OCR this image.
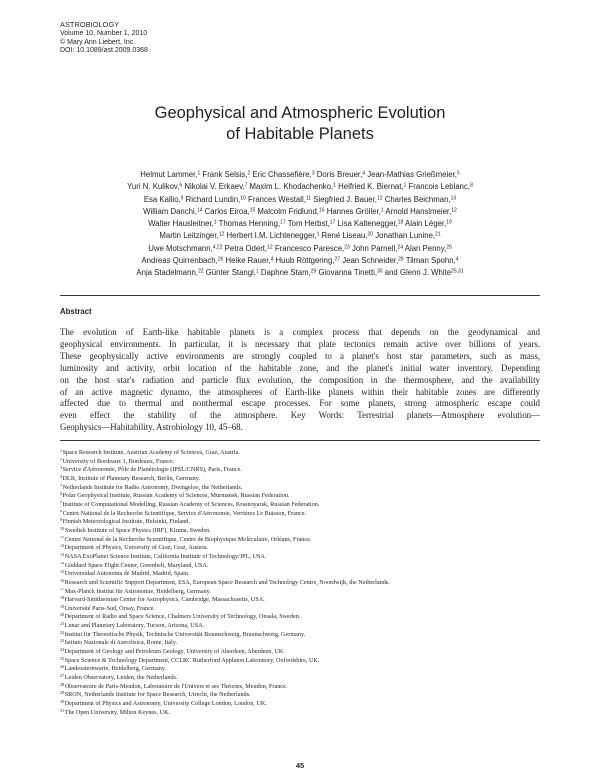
ASTROBIOLOGY
Volume 10, Number 1, 2010
© Mary Ann Liebert, Inc.
DOI: 10.1089/ast.2009.0368
Geophysical and Atmospheric Evolution
of Habitable Planets
Helmut Lammer,$^1$ Frank Selsis,$^2$ Eric Chassefière,$^3$ Doris Breuer,$^4$ Jean-Mathias Grießmeier,$^5$
Yuri N. Kulikov,$^6$ Nikolai V. Erkaev,$^7$ Maxim L. Khodachenko,$^1$ Helfried K. Biernat,$^1$ Francois Leblanc,$^8$
Esa Kallio,$^9$ Richard Lundin,$^{10}$ Frances Westall,$^{11}$ Siegfried J. Bauer,$^{12}$ Charles Beichman,$^{13}$
William Danchi,$^{14}$ Carlos Eiroa,$^{15}$ Malcolm Fridlund,$^{16}$ Hannes Gröller,$^1$ Arnold Hanslmeier,$^{12}$
Walter Hausleitner,$^1$ Thomas Henning,$^{17}$ Tom Herbst,$^{17}$ Lisa Kaltenegger,$^{18}$ Alain Léger,$^{19}$
Martin Leitzinger,$^{12}$ Herbert I.M. Lichtenegger,$^1$ René Liseau,$^{20}$ Jonathan Lunine,$^{21}$
Uwe Motschmann,$^{4,22}$ Petra Odert,$^{12}$ Francesco Paresce,$^{23}$ John Parnell,$^{24}$ Alan Penny,$^{25}$
Andreas Quirrenbach,$^{26}$ Heike Rauer,$^4$ Huub Röttgering,$^{27}$ Jean Schneider,$^{28}$ Tilman Spohn,$^4$
Anja Stadelmann,$^{22}$ Günter Stangl,$^1$ Daphne Stam,$^{29}$ Giovanna Tinetti,$^{30}$ and Glenn J. White$^{25,31}$
Abstract
The evolution of Earth-like habitable planets is a complex process that depends on the geodynamical and
geophysical environments. In particular, it is necessary that plate tectonics remain active over billions of years.
These geophysically active environments are strongly coupled to a planet's host star parameters, such as mass,
luminosity and activity, orbit location of the habitable zone, and the planet's initial water inventory. Depending
on the host star's radiation and particle flux evolution, the composition in the thermosphere, and the availability
of an active magnetic dynamo, the atmospheres of Earth-like planets within their habitable zones are differently
affected due to thermal and nonthermal escape processes. For some planets, strong atmospheric escape could
even effect the stability of the atmosphere. Key Words: Terrestrial planets—Atmosphere evolution—
Geophysics—Habitability. Astrobiology 10, 45–68.
$^1$Space Research Institute, Austrian Academy of Sciences, Graz, Austria.
$^2$University of Bordeaux 1, Bordeaux, France.
$^3$Service d'Aéronomie, Pôle de Planétologie (IPSL/CNRS), Paris, France.
$^4$DLR, Institute of Planetary Research, Berlin, Germany.
$^5$Netherlands Institute for Radio Astronomy, Dwingeloo, the Netherlands.
$^6$Polar Geophysical Institute, Russian Academy of Sciences, Murmansk, Russian Federation.
$^7$Institute of Computational Modelling, Russian Academy of Sciences, Krasnoyarsk, Russian Federation.
$^8$Centre National de la Recherche Scientifique, Service d'Aéronomie, Verrières Le Buisson, France.
$^9$Finnish Meteorological Institute, Helsinki, Finland.
$^{10}$Swedish Institute of Space Physics (IRF), Kiruna, Sweden.
$^{11}$Centre National de la Recherche Scientifique, Centre de Biophysique Moléculaire, Orléans, France.
$^{12}$Department of Physics, University of Graz, Graz, Austria.
$^{13}$NASA ExoPlanet Science Institute, California Institute of Technology/JPL, USA.
$^{14}$Goddard Space Flight Center, Greenbelt, Maryland, USA.
$^{15}$Universidad Autonoma de Madrid, Madrid, Spain.
$^{16}$Research and Scientific Support Department, ESA, European Space Research and Technology Centre, Noordwijk, the Netherlands.
$^{17}$Max-Planck Institut für Astronomie, Heidelberg, Germany.
$^{18}$Harvard-Smithsonian Center for Astrophysics, Cambridge, Massachusetts, USA.
$^{19}$Université Paris-Sud, Orsay, France.
$^{20}$Department of Radio and Space Science, Chalmers University of Technology, Onsala, Sweden.
$^{21}$Lunar and Planetary Laboratory, Tucson, Arizona, USA.
$^{22}$Institut für Theoretische Physik, Technische Universität Braunschweig, Braunschweig, Germany.
$^{23}$Istituto Nazionale di Astrofisica, Rome, Italy.
$^{24}$Department of Geology and Petroleum Geology, University of Aberdeen, Aberdeen, UK.
$^{25}$Space Science & Technology Department, CCLRC Rutherford Appleton Laboratory, Oxfordshire, UK.
$^{26}$Landessternwarte, Heidelberg, Germany.
$^{27}$Leiden Observatory, Leiden, the Netherlands.
$^{28}$Observatoire de Paris-Meudon, Laboratoire de l'Univers et ses Théories, Meudon, France.
$^{29}$SRON, Netherlands Institute for Space Research, Utrecht, the Netherlands.
$^{30}$Department of Physics and Astronomy, University College London, London, UK.
$^{31}$The Open University, Milton Keynes, UK.
45
